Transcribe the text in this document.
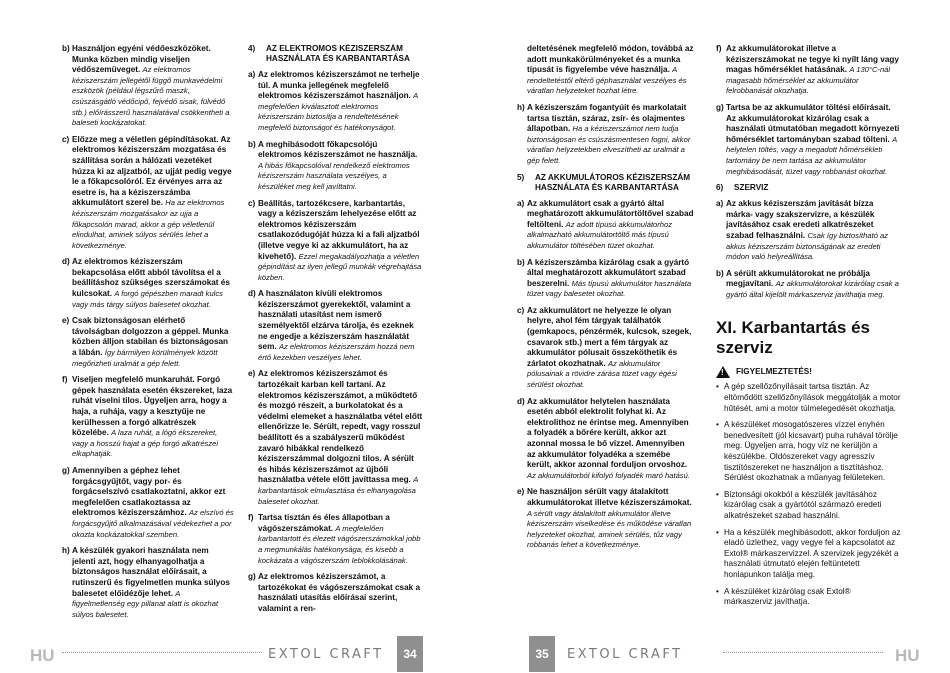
b) Használjon egyéni védőeszközöket. Munka közben mindig viseljen védőszemüveget. Az elektromos kéziszerszám jellegétől függő munkavédelmi eszközök (például légszűrő maszk, csúszásgátló védőcipő, fejvédő sisak, fülvédő stb.) előírásszerű használatával csökkentheti a baleseti kockázatokat.
c) Előzze meg a véletlen gépindításokat. Az elektromos kéziszerszám mozgatása és szállítása során a hálózati vezetéket húzza ki az aljzatból, az ujját pedig vegye le a főkapcsolóról. Ez érvényes arra az esetre is, ha a kéziszerszámba akkumulátort szerel be. Ha az elektromos kéziszerszám mozgatásakor az ujja a főkapcsolón marad, akkor a gép véletlenül elindulhat, aminek súlyos sérülés lehet a következménye.
d) Az elektromos kéziszerszám bekapcsolása előtt abból távolítsa el a beállításhoz szükséges szerszámokat és kulcsokat. A forgó gépészben maradt kulcs vagy más tárgy súlyos balesetet okozhat.
e) Csak biztonságosan elérhető távolságban dolgozzon a géppel. Munka közben álljon stabilan és biztonságosan a lábán. Így bármilyen körülmények között megőrizheti uralmát a gép felett.
f) Viseljen megfelelő munkaruhát. Forgó gépek használata esetén ékszereket, laza ruhát viselni tilos. Ügyeljen arra, hogy a haja, a ruhája, vagy a kesztyűje ne kerülhessen a forgó alkatrészek közelébe. A laza ruhát, a lógó ékszereket, vagy a hosszú hajat a gép forgó alkatrészei elkaphatják.
g) Amennyiben a géphez lehet forgácsgyűjtőt, vagy por- és forgácselszívó csatlakoztatni, akkor ezt megfelelően csatlakoztassa az elektromos kéziszerszámhoz. Az elszívó és forgácsgyűjtő alkalmazásával védekezhet a por okozta kockázatokkal szemben.
h) A készülék gyakori használata nem jelenti azt, hogy elhanyagolhatja a biztonságos használat előírásait, a rutinszerű és figyelmetlen munka súlyos balesetet előidézője lehet. A figyelmetlenség egy pillanat alatt is okozhat súlyos balesetet.
4)	AZ ELEKTROMOS KÉZISZERSZÁM HASZNÁLATA ÉS KARBANTARTÁSA
a) Az elektromos kéziszerszámot ne terhelje túl. A munka jellegének megfelelő elektromos kéziszerszámot használjon. A megfelelően kiválasztott elektromos kéziszerszám biztosítja a rendeltetésének megfelelő biztonságot és hatékonyságot.
b) A meghibásodott főkapcsolójú elektromos kéziszerszámot ne használja. A hibás főkapcsolóval rendelkező elektromos kéziszerszám használata veszélyes, a készüléket meg kell javíttatni.
c) Beállítás, tartozékcsere, karbantartás, vagy a kéziszerszám lehelyezése előtt az elektromos kéziszerszám csatlakozódugóját húzza ki a fali aljzatból (illetve vegye ki az akkumulátort, ha az kivehető). Ezzel megakadályozhatja a véletlen gépindítást az ilyen jellegű munkák végrehajtása közben.
d) A használaton kívüli elektromos kéziszerszámot gyerekektől, valamint a használati utasítást nem ismerő személyektől elzárva tárolja, és ezeknek ne engedje a kéziszerszám használatát sem. Az elektromos kéziszerszám hozzá nem értő kezekben veszélyes lehet.
e) Az elektromos kéziszerszámot és tartozékait karban kell tartani. Az elektromos kéziszerszámot, a működtető és mozgó részeit, a burkolatokat és a védelmi elemeket a használatba vétel előtt ellenőrizze le. Sérült, repedt, vagy rosszul beállított és a szabályszerű működést zavaró hibákkal rendelkező kéziszerszámmal dolgozni tilos. A sérült és hibás kéziszerszámot az újbóli használatba vétele előtt javíttassa meg. A karbantartások elmulasztása és elhanyagolása balesetet okozhat.
f) Tartsa tisztán és éles állapotban a vágószerszámokat. A megfelelően karbantartott és élezett vágószerszámokkal jobb a megmunkálás hatékonysága, és kisebb a kockázata a vágószerszám leblokkolásának.
g) Az elektromos kéziszerszámot, a tartozékokat és vágószerszámokat csak a használati utasítás előírásai szerint, valamint a ren-
HU	EXTOL CRAFT	34
deltetésének megfelelő módon, továbbá az adott munkakörülményeket és a munka típusát is figyelembe véve használja. A rendeltetéstől eltérő géphasználat veszélyes és váratlan helyzeteket hozhat létre.
h) A kéziszerszám fogantyúit és markolatait tartsa tisztán, száraz, zsír- és olajmentes állapotban. Ha a kéziszerszámot nem tudja biztonságosan és csúszásmentesen fogni, akkor váratlan helyzetekben elveszítheti az uralmát a gép felett.
5)	AZ AKKUMULÁTOROS KÉZISZERSZÁM HASZNÁLATA ÉS KARBANTARTÁSA
a) Az akkumulátort csak a gyártó által meghatározott akkumulátortöltővel szabad feltölteni. Az adott típusú akkumulátorhoz alkalmazható akkumulátortöltő más típusú akkumulátor töltésében tüzet okozhat.
b) A kéziszerszámba kizárólag csak a gyártó által meghatározott akkumulátort szabad beszerelni. Más típusú akkumulátor használata tüzet vagy balesetet okozhat.
c) Az akkumulátort ne helyezze le olyan helyre, ahol fém tárgyak találhatók (gemkapocs, pénzérmék, kulcsok, szegek, csavarok stb.) mert a fém tárgyak az akkumulátor pólusait összeköthetik és zárlatot okozhatnak. Az akkumulátor pólusainak a rövidre zárása tüzet vagy égési sérülést okozhat.
d) Az akkumulátor helytelen használata esetén abból elektrolit folyhat ki. Az elektrolithoz ne érintse meg. Amennyiben a folyadék a bőrére került, akkor azt azonnal mossa le bő vízzel. Amennyiben az akkumulátor folyadéka a szemébe került, akkor azonnal forduljon orvoshoz. Az akkumulátorból kifolyó folyadék maró hatású.
e) Ne használjon sérült vagy átalakított akkumulátorokat illetve kéziszerszámokat. A sérült vagy átalakított akkumulátor illetve kéziszerszám viselkedése és működése váratlan helyzeteket okozhat, aminek sérülés, tűz vagy robbanás lehet a következménye.
f) Az akkumulátorokat illetve a kéziszerszámokat ne tegye ki nyílt láng vagy magas hőmérséklet hatásának. A 130°C-nál magasabb hőmérséklet az akkumulátor felrobbanását okozhatja.
g) Tartsa be az akkumulátor töltési előírásait. Az akkumulátorokat kizárólag csak a használati útmutatóban megadott környezeti hőmérséklet tartományban szabad tölteni. A helytelen töltés, vagy a megadott hőmérsékleti tartomány be nem tartása az akkumulátor meghibásodását, tüzet vagy robbanást okozhat.
6)	SZERVIZ
a) Az akkus kéziszerszám javítását bízza márka- vagy szakszervizre, a készülék javításához csak eredeti alkatrészeket szabad felhasználni. Csak így biztosítható az akkus kéziszerszám biztonságának az eredeti módon való helyreállítása.
b) A sérült akkumulátorokat ne próbálja megjavítani. Az akkumulátorokat kizárólag csak a gyártó által kijelölt márkaszerviz javíthatja meg.
XI. Karbantartás és szerviz
! FIGYELMEZTETÉS!
• A gép szellőzőnyílásait tartsa tisztán. Az eltömődött szellőzőnyílások meggátolják a motor hűtését, ami a motor túlmelegedését okozhatja.
• A készüléket mosogatószeres vízzel enyhén benedvesített (jól kicsavart) puha ruhával törölje meg. Ügyeljen arra, hogy víz ne kerüljön a készülékbe. Oldószereket vagy agresszív tisztítószereket ne használjon a tisztításhoz. Sérülést okozhatnak a műanyag felületeken.
• Biztonsági okokból a készülék javításához kizárólag csak a gyártótól származó eredeti alkatrészeket szabad használni.
• Ha a készülék meghibásodott, akkor forduljon az eladó üzlethez, vagy vegye fel a kapcsolatot az Extol® márkaszervizzel. A szervizek jegyzékét a használati útmutató elején feltüntetett honlapunkon találja meg.
• A készüléket kizárólag csak Extol® márkaszerviz javíthatja.
35	EXTOL CRAFT	HU
